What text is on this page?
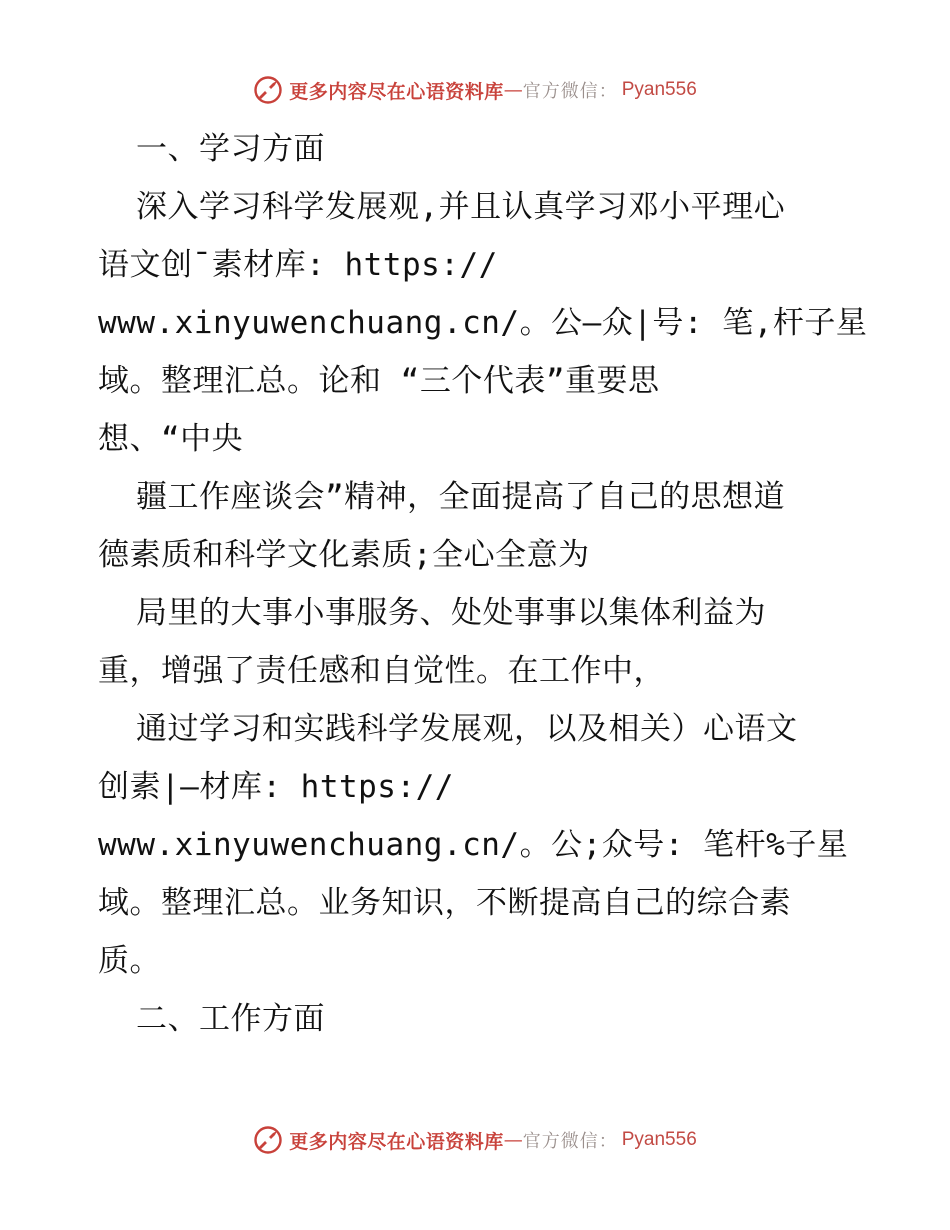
更多内容尽在心语资料库 — 官方微信： Pyan556
一、学习方面
深入学习科学发展观,并且认真学习邓小平理心
语文创¯素材库: https://
www.xinyuwenchuang.cn/。公—众|号: 笔,杆子星
域。整理汇总。论和 “三个代表”重要思
想、“中央
疆工作座谈会”精神，全面提高了自己的思想道
德素质和科学文化素质;全心全意为
局里的大事小事服务、处处事事以集体利益为
重，增强了责任感和自觉性。在工作中，
通过学习和实践科学发展观，以及相关）心语文
创素|—材库: https://
www.xinyuwenchuang.cn/。公;众号: 笔杆%子星
域。整理汇总。业务知识，不断提高自己的综合素
质。
二、工作方面
更多内容尽在心语资料库 — 官方微信： Pyan556
